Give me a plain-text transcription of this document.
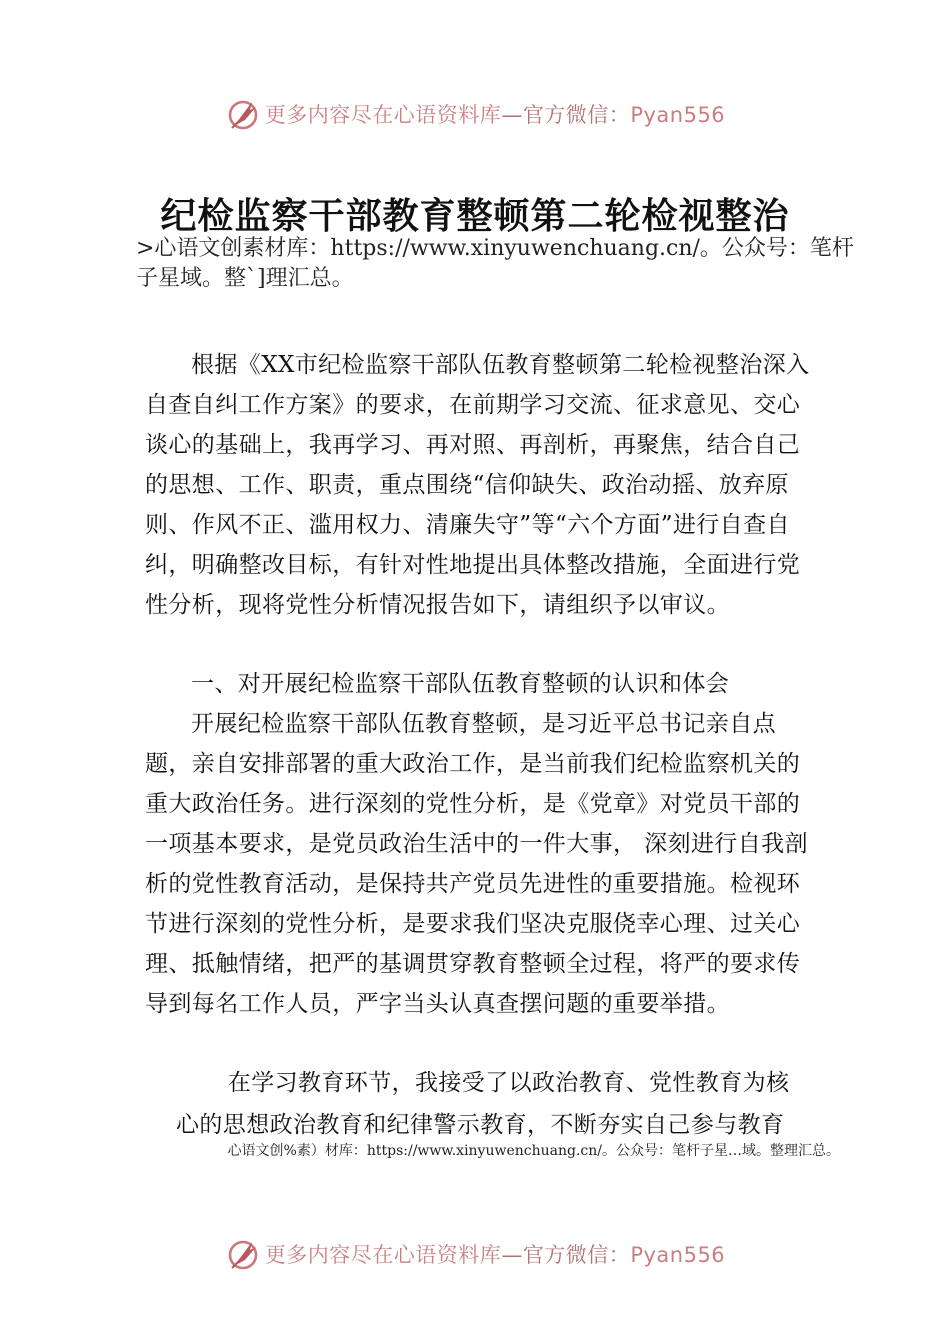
更多内容尽在心语资料库—官方微信：Pyan556
纪检监察干部教育整顿第二轮检视整治
>心语文创素材库：https://www.xinyuwenchuang.cn/。公众号：笔杆子星域。整`]理汇总。

根据《XX市纪检监察干部队伍教育整顿第二轮检视整治深入自查自纠工作方案》的要求，在前期学习交流、征求意见、交心谈心的基础上，我再学习、再对照、再剖析，再聚焦，结合自己的思想、工作、职责，重点围绕“信仰缺失、政治动摇、放弃原则、作风不正、滥用权力、清廉失守”等“六个方面”进行自查自纠，明确整改目标，有针对性地提出具体整改措施，全面进行党性分析，现将党性分析情况报告如下，请组织予以审议。

一、对开展纪检监察干部队伍教育整顿的认识和体会

开展纪检监察干部队伍教育整顿，是习近平总书记亲自点题，亲自安排部署的重大政治工作，是当前我们纪检监察机关的重大政治任务。进行深刻的党性分析，是《党章》对党员干部的一项基本要求，是党员政治生活中的一件大事， 深刻进行自我剖析的党性教育活动，是保持共产党员先进性的重要措施。检视环节进行深刻的党性分析，是要求我们坚决克服侥幸心理、过关心理、抵触情绪，把严的基调贯穿教育整顿全过程，将严的要求传导到每名工作人员，严字当头认真查摆问题的重要举措。

在学习教育环节，我接受了以政治教育、党性教育为核

心的思想政治教育和纪律警示教育，不断夯实自己参与教育
心语文创%素）材库：https://www.xinyuwenchuang.cn/。公众号：笔杆子星…域。整理汇总。
更多内容尽在心语资料库—官方微信：Pyan556
